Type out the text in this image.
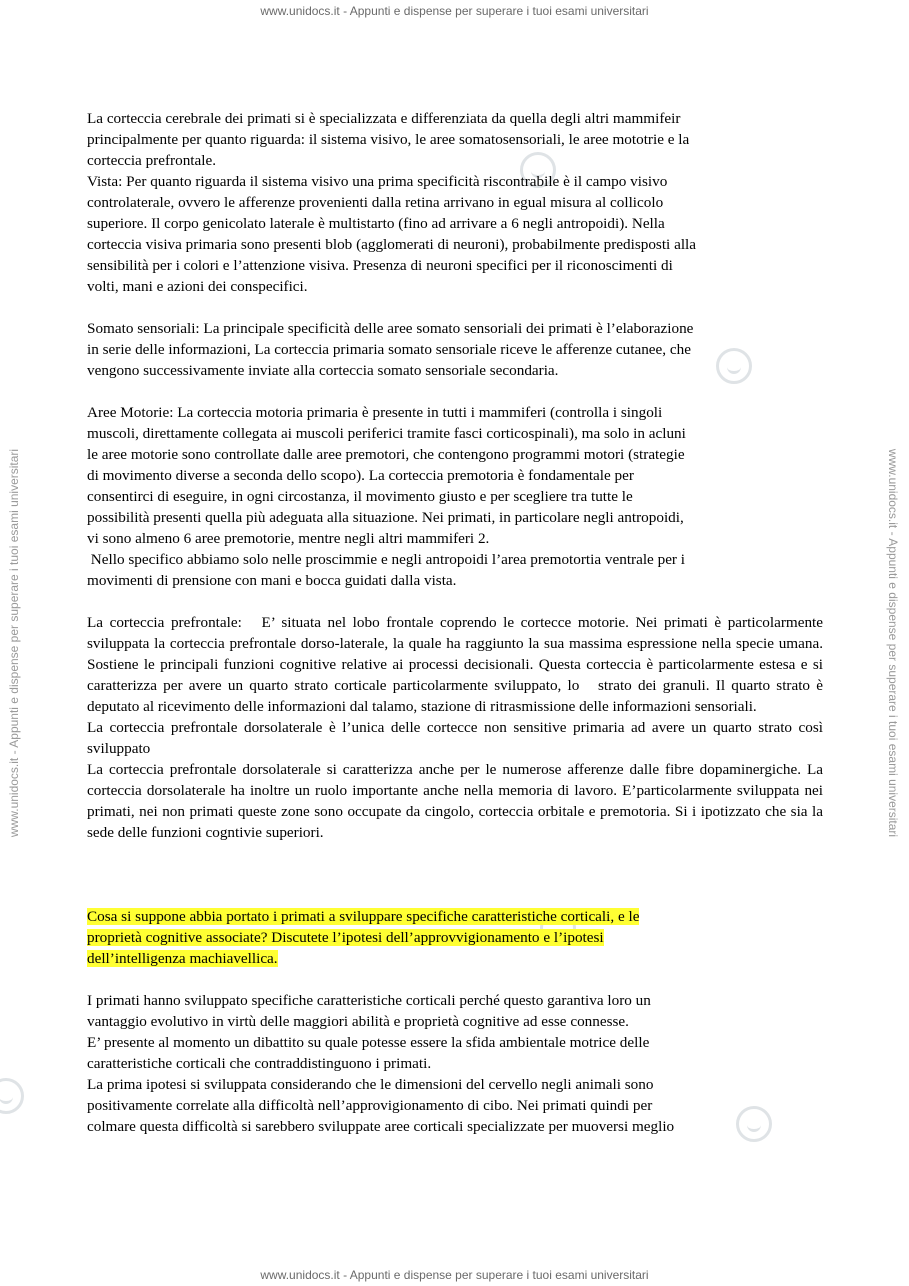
www.unidocs.it - Appunti e dispense per superare i tuoi esami universitari
www.unidocs.it - Appunti e dispense per superare i tuoi esami universitari
www.unidocs.it - Appunti e dispense per superare i tuoi esami universitari	www.unidocs.it - Appunti e dispense per superare i tuoi esami universitari

La corteccia cerebrale dei primati si è specializzata e differenziata da quella degli altri mammifeir

principalmente per quanto riguarda: il sistema visivo, le aree somatosensoriali, le aree mototrie e la

corteccia prefrontale.

Vista: Per quanto riguarda il sistema visivo una prima specificità riscontrabile è il campo visivo

controlaterale, ovvero le afferenze provenienti dalla retina arrivano in egual misura al collicolo

superiore. Il corpo genicolato laterale è multistarto (fino ad arrivare a 6 negli antropoidi). Nella

corteccia visiva primaria sono presenti blob (agglomerati di neuroni), probabilmente predisposti alla

sensibilità per i colori e l’attenzione visiva. Presenza di neuroni specifici per il riconoscimenti di

volti, mani e azioni dei conspecifici.

Somato sensoriali: La principale specificità delle aree somato sensoriali dei primati è l’elaborazione

in serie delle informazioni, La corteccia primaria somato sensoriale riceve le afferenze cutanee, che

vengono successivamente inviate alla corteccia somato sensoriale secondaria.

Aree Motorie: La corteccia motoria primaria è presente in tutti i mammiferi (controlla i singoli

muscoli, direttamente collegata ai muscoli periferici tramite fasci corticospinali), ma solo in acluni

le aree motorie sono controllate dalle aree premotori, che contengono programmi motori (strategie

di movimento diverse a seconda dello scopo). La corteccia premotoria è fondamentale per

consentirci di eseguire, in ogni circostanza, il movimento giusto e per scegliere tra tutte le

possibilità presenti quella più adeguata alla situazione. Nei primati, in particolare negli antropoidi,

vi sono almeno 6 aree premotorie, mentre negli altri mammiferi 2.

Nello specifico abbiamo solo nelle proscimmie e negli antropoidi l’area premotortia ventrale per i

movimenti di prensione con mani e bocca guidati dalla vista.

La corteccia prefrontale:   E’ situata nel lobo frontale coprendo le cortecce motorie. Nei primati è particolarmente sviluppata la corteccia prefrontale dorso-laterale, la quale ha raggiunto la sua massima espressione nella specie umana. Sostiene le principali funzioni cognitive relative ai processi decisionali. Questa corteccia è particolarmente estesa e si caratterizza per avere un quarto strato corticale particolarmente sviluppato, lo   strato dei granuli. Il quarto strato è deputato al ricevimento delle informazioni dal talamo, stazione di ritrasmissione delle informazioni sensoriali.

La corteccia prefrontale dorsolaterale è l’unica delle cortecce non sensitive primaria ad avere un quarto strato così sviluppato

La corteccia prefrontale dorsolaterale si caratterizza anche per le numerose afferenze dalle fibre dopaminergiche. La corteccia dorsolaterale ha inoltre un ruolo importante anche nella memoria di lavoro. E’particolarmente sviluppata nei primati, nei non primati queste zone sono occupate da cingolo, corteccia orbitale e premotoria. Si i ipotizzato che sia la sede delle funzioni cogntivie superiori.

Cosa si suppone abbia portato i primati a sviluppare specifiche caratteristiche corticali, e le

proprietà cognitive associate? Discutete l’ipotesi dell’approvvigionamento e l’ipotesi

dell’intelligenza machiavellica.

I primati hanno sviluppato specifiche caratteristiche corticali perché questo garantiva loro un

vantaggio evolutivo in virtù delle maggiori abilità e proprietà cognitive ad esse connesse.

E’ presente al momento un dibattito su quale potesse essere la sfida ambientale motrice delle

caratteristiche corticali che contraddistinguono i primati.

La prima ipotesi si sviluppata considerando che le dimensioni del cervello negli animali sono

positivamente correlate alla difficoltà nell’approvigionamento di cibo. Nei primati quindi per

colmare questa difficoltà si sarebbero sviluppate aree corticali specializzate per muoversi meglio
